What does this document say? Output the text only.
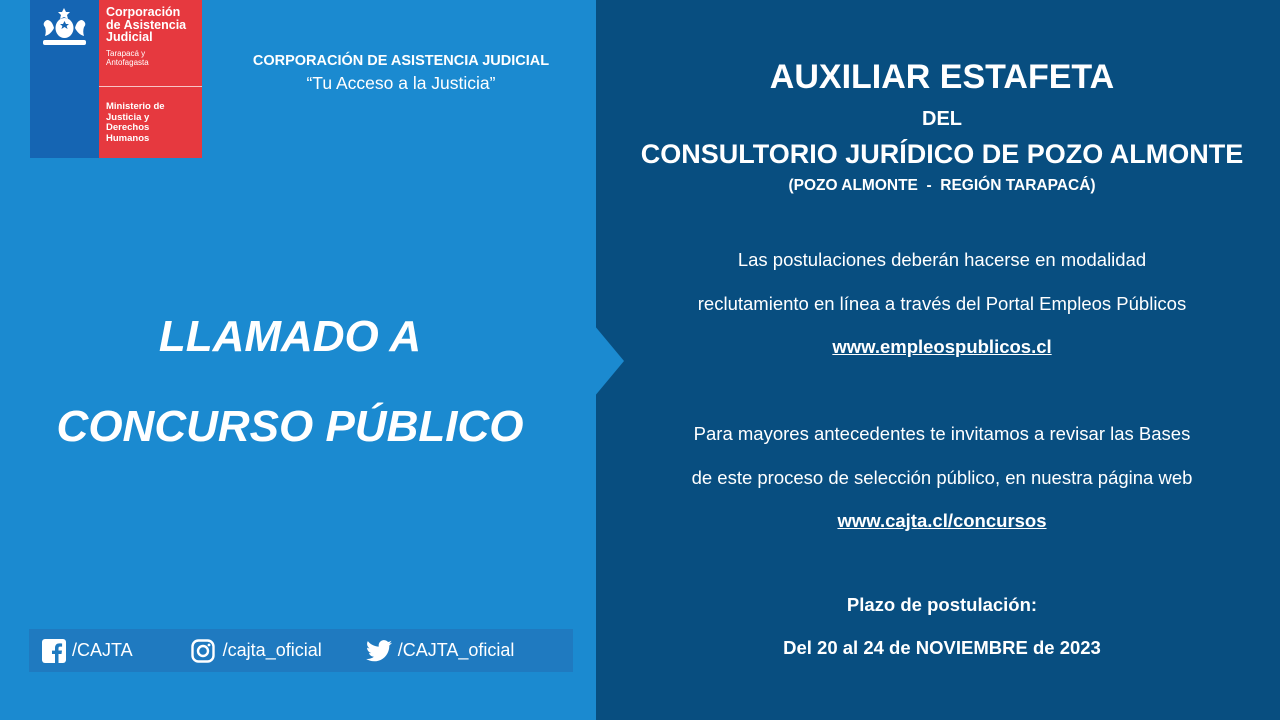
Corporación
de Asistencia
Judicial
Tarapacá y
Antofagasta
Ministerio de
Justicia y
Derechos
Humanos
CORPORACIÓN DE ASISTENCIA JUDICIAL
“Tu Acceso a la Justicia”
LLAMADO A
CONCURSO PÚBLICO
/CAJTA	/cajta_oficial	/CAJTA_oficial
AUXILIAR ESTAFETA
DEL
CONSULTORIO JURÍDICO DE POZO ALMONTE
(POZO ALMONTE  -  REGIÓN TARAPACÁ)
Las postulaciones deberán hacerse en modalidad
reclutamiento en línea a través del Portal Empleos Públicos
www.empleospublicos.cl
Para mayores antecedentes te invitamos a revisar las Bases
de este proceso de selección público, en nuestra página web
www.cajta.cl/concursos
Plazo de postulación:
Del 20 al 24 de NOVIEMBRE de 2023
